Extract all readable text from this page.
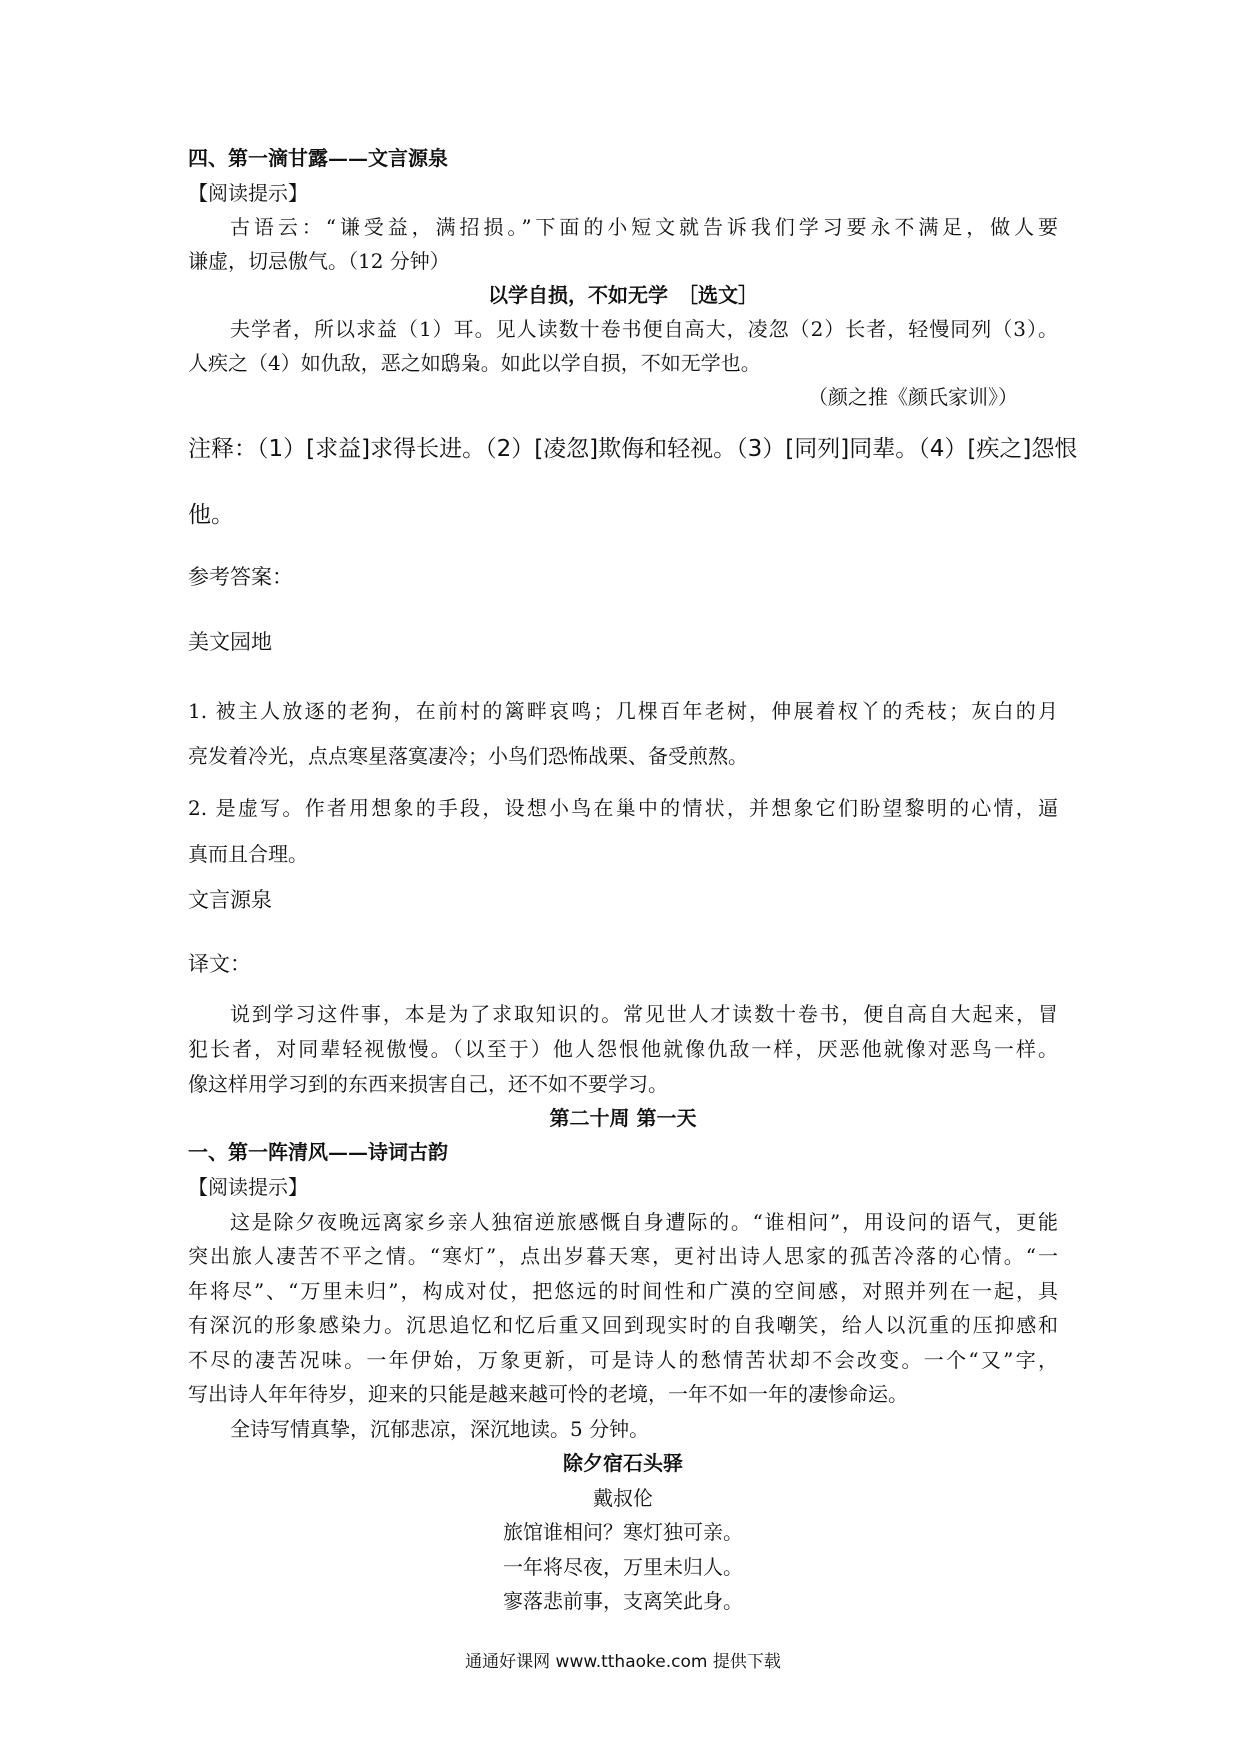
四、第一滴甘露——文言源泉
【阅读提示】
古语云：“谦受益，满招损。”下面的小短文就告诉我们学习要永不满足，做人要
谦虚，切忌傲气。（12 分钟）
以学自损，不如无学　［选文］
夫学者，所以求益（1）耳。见人读数十卷书便自高大，凌忽（2）长者，轻慢同列（3）。
人疾之（4）如仇敌，恶之如鸱枭。如此以学自损，不如无学也。
（颜之推《颜氏家训》）
注释：（1）[求益]求得长进。（2）[凌忽]欺侮和轻视。（3）[同列]同辈。（4）[疾之]怨恨
他。
参考答案：
美文园地
1. 被主人放逐的老狗，在前村的篱畔哀鸣；几棵百年老树，伸展着杈丫的秃枝；灰白的月
亮发着冷光，点点寒星落寞凄冷；小鸟们恐怖战栗、备受煎熬。
2. 是虚写。作者用想象的手段，设想小鸟在巢中的情状，并想象它们盼望黎明的心情，逼
真而且合理。
文言源泉
译文：
说到学习这件事，本是为了求取知识的。常见世人才读数十卷书，便自高自大起来，冒
犯长者，对同辈轻视傲慢。（以至于）他人怨恨他就像仇敌一样，厌恶他就像对恶鸟一样。
像这样用学习到的东西来损害自己，还不如不要学习。
第二十周 第一天
一、第一阵清风——诗词古韵
【阅读提示】
这是除夕夜晚远离家乡亲人独宿逆旅感慨自身遭际的。“谁相问”，用设问的语气，更能
突出旅人凄苦不平之情。“寒灯”，点出岁暮天寒，更衬出诗人思家的孤苦冷落的心情。“一
年将尽”、“万里未归”，构成对仗，把悠远的时间性和广漠的空间感，对照并列在一起，具
有深沉的形象感染力。沉思追忆和忆后重又回到现实时的自我嘲笑，给人以沉重的压抑感和
不尽的凄苦况味。一年伊始，万象更新，可是诗人的愁情苦状却不会改变。一个“又”字，
写出诗人年年待岁，迎来的只能是越来越可怜的老境，一年不如一年的凄惨命运。
全诗写情真挚，沉郁悲凉，深沉地读。5 分钟。
除夕宿石头驿
戴叔伦
旅馆谁相问？寒灯独可亲。
一年将尽夜，万里未归人。
寥落悲前事，支离笑此身。
通通好课网 www.tthaoke.com 提供下载
